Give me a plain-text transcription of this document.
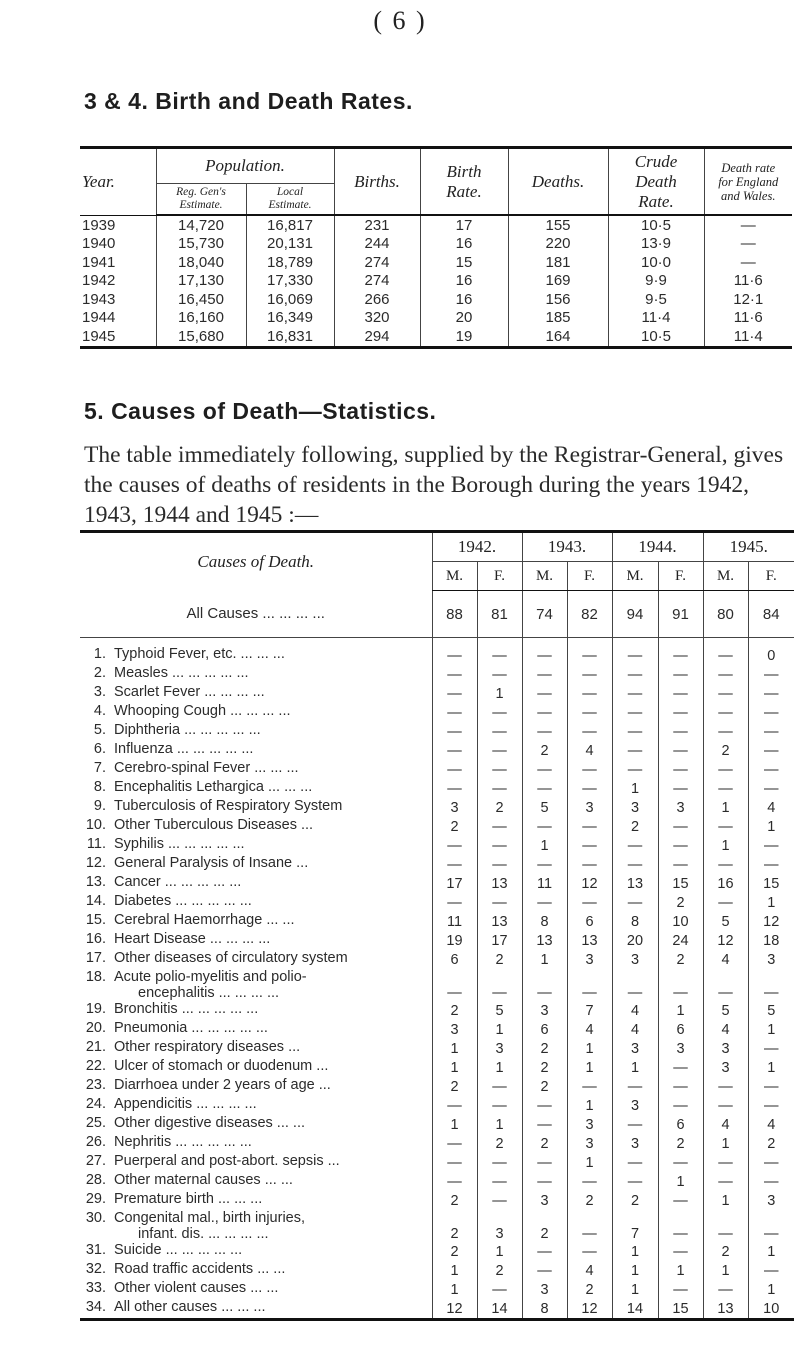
( 6 )
3 & 4. Birth and Death Rates.
Year.	Population.		Births.	Birth Rate.	Deaths.	Crude Death Rate.	Death rate for England and Wales.
	Reg. Gen's Estimate.	Local Estimate.					

1939	14,720	16,817	231	17	155	10·5	—
1940	15,730	20,131	244	16	220	13·9	—
1941	18,040	18,789	274	15	181	10·0	—
1942	17,130	17,330	274	16	169	9·9	11·6
1943	16,450	16,069	266	16	156	9·5	12·1
1944	16,160	16,349	320	20	185	11·4	11·6
1945	15,680	16,831	294	19	164	10·5	11·4
5. Causes of Death—Statistics.
The table immediately following, supplied by the Registrar-General, gives the causes of deaths of residents in the Borough during the years 1942, 1943, 1944 and 1945 :—
Causes of Death.		1942.		1943.		1944.		1945.	
		M.	F.	M.	F.	M.	F.	M.	F.
All Causes ... ... ... ...		88	81	74	82	94	91	80	84

1.	Typhoid Fever, etc. ... ... ...	—	—	—	—	—	—	—	0
2.	Measles ... ... ... ... ...	—	—	—	—	—	—	—	—
3.	Scarlet Fever ... ... ... ...	—	1	—	—	—	—	—	—
4.	Whooping Cough ... ... ... ...	—	—	—	—	—	—	—	—
5.	Diphtheria ... ... ... ... ...	—	—	—	—	—	—	—	—
6.	Influenza ... ... ... ... ...	—	—	2	4	—	—	2	—
7.	Cerebro-spinal Fever ... ... ...	—	—	—	—	—	—	—	—
8.	Encephalitis Lethargica ... ... ...	—	—	—	—	1	—	—	—
9.	Tuberculosis of Respiratory System	3	2	5	3	3	3	1	4
10.	Other Tuberculous Diseases ...	2	—	—	—	2	—	—	1
11.	Syphilis ... ... ... ... ...	—	—	1	—	—	—	1	—
12.	General Paralysis of Insane ...	—	—	—	—	—	—	—	—
13.	Cancer ... ... ... ... ...	17	13	11	12	13	15	16	15
14.	Diabetes ... ... ... ... ...	—	—	—	—	—	2	—	1
15.	Cerebral Haemorrhage ... ...	11	13	8	6	8	10	5	12
16.	Heart Disease ... ... ... ...	19	17	13	13	20	24	12	18
17.	Other diseases of circulatory system	6	2	1	3	3	2	4	3
18.	Acute polio-myelitis and polio-
encephalitis ... ... ... ...	—	—	—	—	—	—	—	—
19.	Bronchitis ... ... ... ... ...	2	5	3	7	4	1	5	5
20.	Pneumonia ... ... ... ... ...	3	1	6	4	4	6	4	1
21.	Other respiratory diseases ...	1	3	2	1	3	3	3	—
22.	Ulcer of stomach or duodenum ...	1	1	2	1	1	—	3	1
23.	Diarrhoea under 2 years of age ...	2	—	2	—	—	—	—	—
24.	Appendicitis ... ... ... ...	—	—	—	1	3	—	—	—
25.	Other digestive diseases ... ...	1	1	—	3	—	6	4	4
26.	Nephritis ... ... ... ... ...	—	2	2	3	3	2	1	2
27.	Puerperal and post-abort. sepsis ...	—	—	—	1	—	—	—	—
28.	Other maternal causes ... ...	—	—	—	—	—	1	—	—
29.	Premature birth ... ... ...	2	—	3	2	2	—	1	3
30.	Congenital mal., birth injuries,
infant. dis. ... ... ... ...	2	3	2	—	7	—	—	—
31.	Suicide ... ... ... ... ...	2	1	—	—	1	—	2	1
32.	Road traffic accidents ... ...	1	2	—	4	1	1	1	—
33.	Other violent causes ... ...	1	—	3	2	1	—	—	1
34.	All other causes ... ... ...	12	14	8	12	14	15	13	10
